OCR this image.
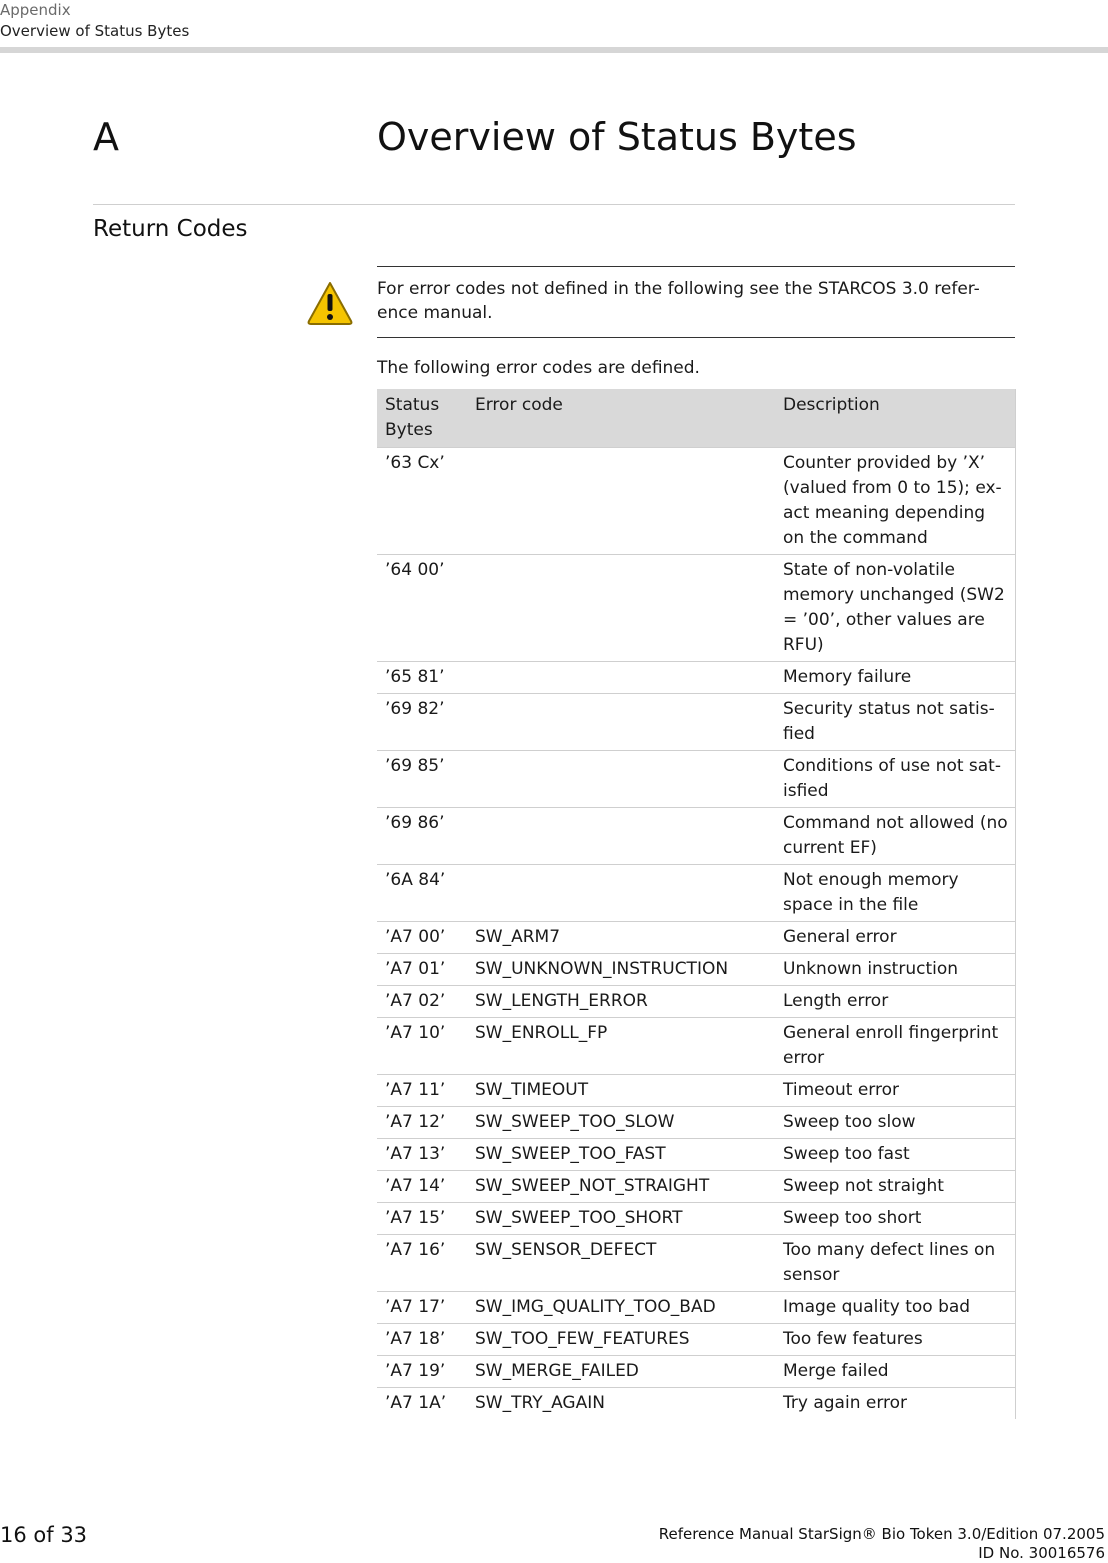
Appendix
Overview of Status Bytes
A	Overview of Status Bytes
Return Codes
For error codes not defined in the following see the STARCOS 3.0 refer-ence manual.
The following error codes are defined.
Status Bytes	Error code	Description
’63 Cx’		Counter provided by ’X’ (valued from 0 to 15); ex-act meaning depending on the command
’64 00’		State of non-volatile memory unchanged (SW2 = ’00’, other values are RFU)
’65 81’		Memory failure
’69 82’		Security status not satis-fied
’69 85’		Conditions of use not sat-isfied
’69 86’		Command not allowed (no current EF)
’6A 84’		Not enough memory space in the file
’A7 00’	SW_ARM7	General error
’A7 01’	SW_UNKNOWN_INSTRUCTION	Unknown instruction
’A7 02’	SW_LENGTH_ERROR	Length error
’A7 10’	SW_ENROLL_FP	General enroll fingerprint error
’A7 11’	SW_TIMEOUT	Timeout error
’A7 12’	SW_SWEEP_TOO_SLOW	Sweep too slow
’A7 13’	SW_SWEEP_TOO_FAST	Sweep too fast
’A7 14’	SW_SWEEP_NOT_STRAIGHT	Sweep not straight
’A7 15’	SW_SWEEP_TOO_SHORT	Sweep too short
’A7 16’	SW_SENSOR_DEFECT	Too many defect lines on sensor
’A7 17’	SW_IMG_QUALITY_TOO_BAD	Image quality too bad
’A7 18’	SW_TOO_FEW_FEATURES	Too few features
’A7 19’	SW_MERGE_FAILED	Merge failed
’A7 1A’	SW_TRY_AGAIN	Try again error
16 of 33	Reference Manual StarSign® Bio Token 3.0/Edition 07.2005
ID No. 30016576
